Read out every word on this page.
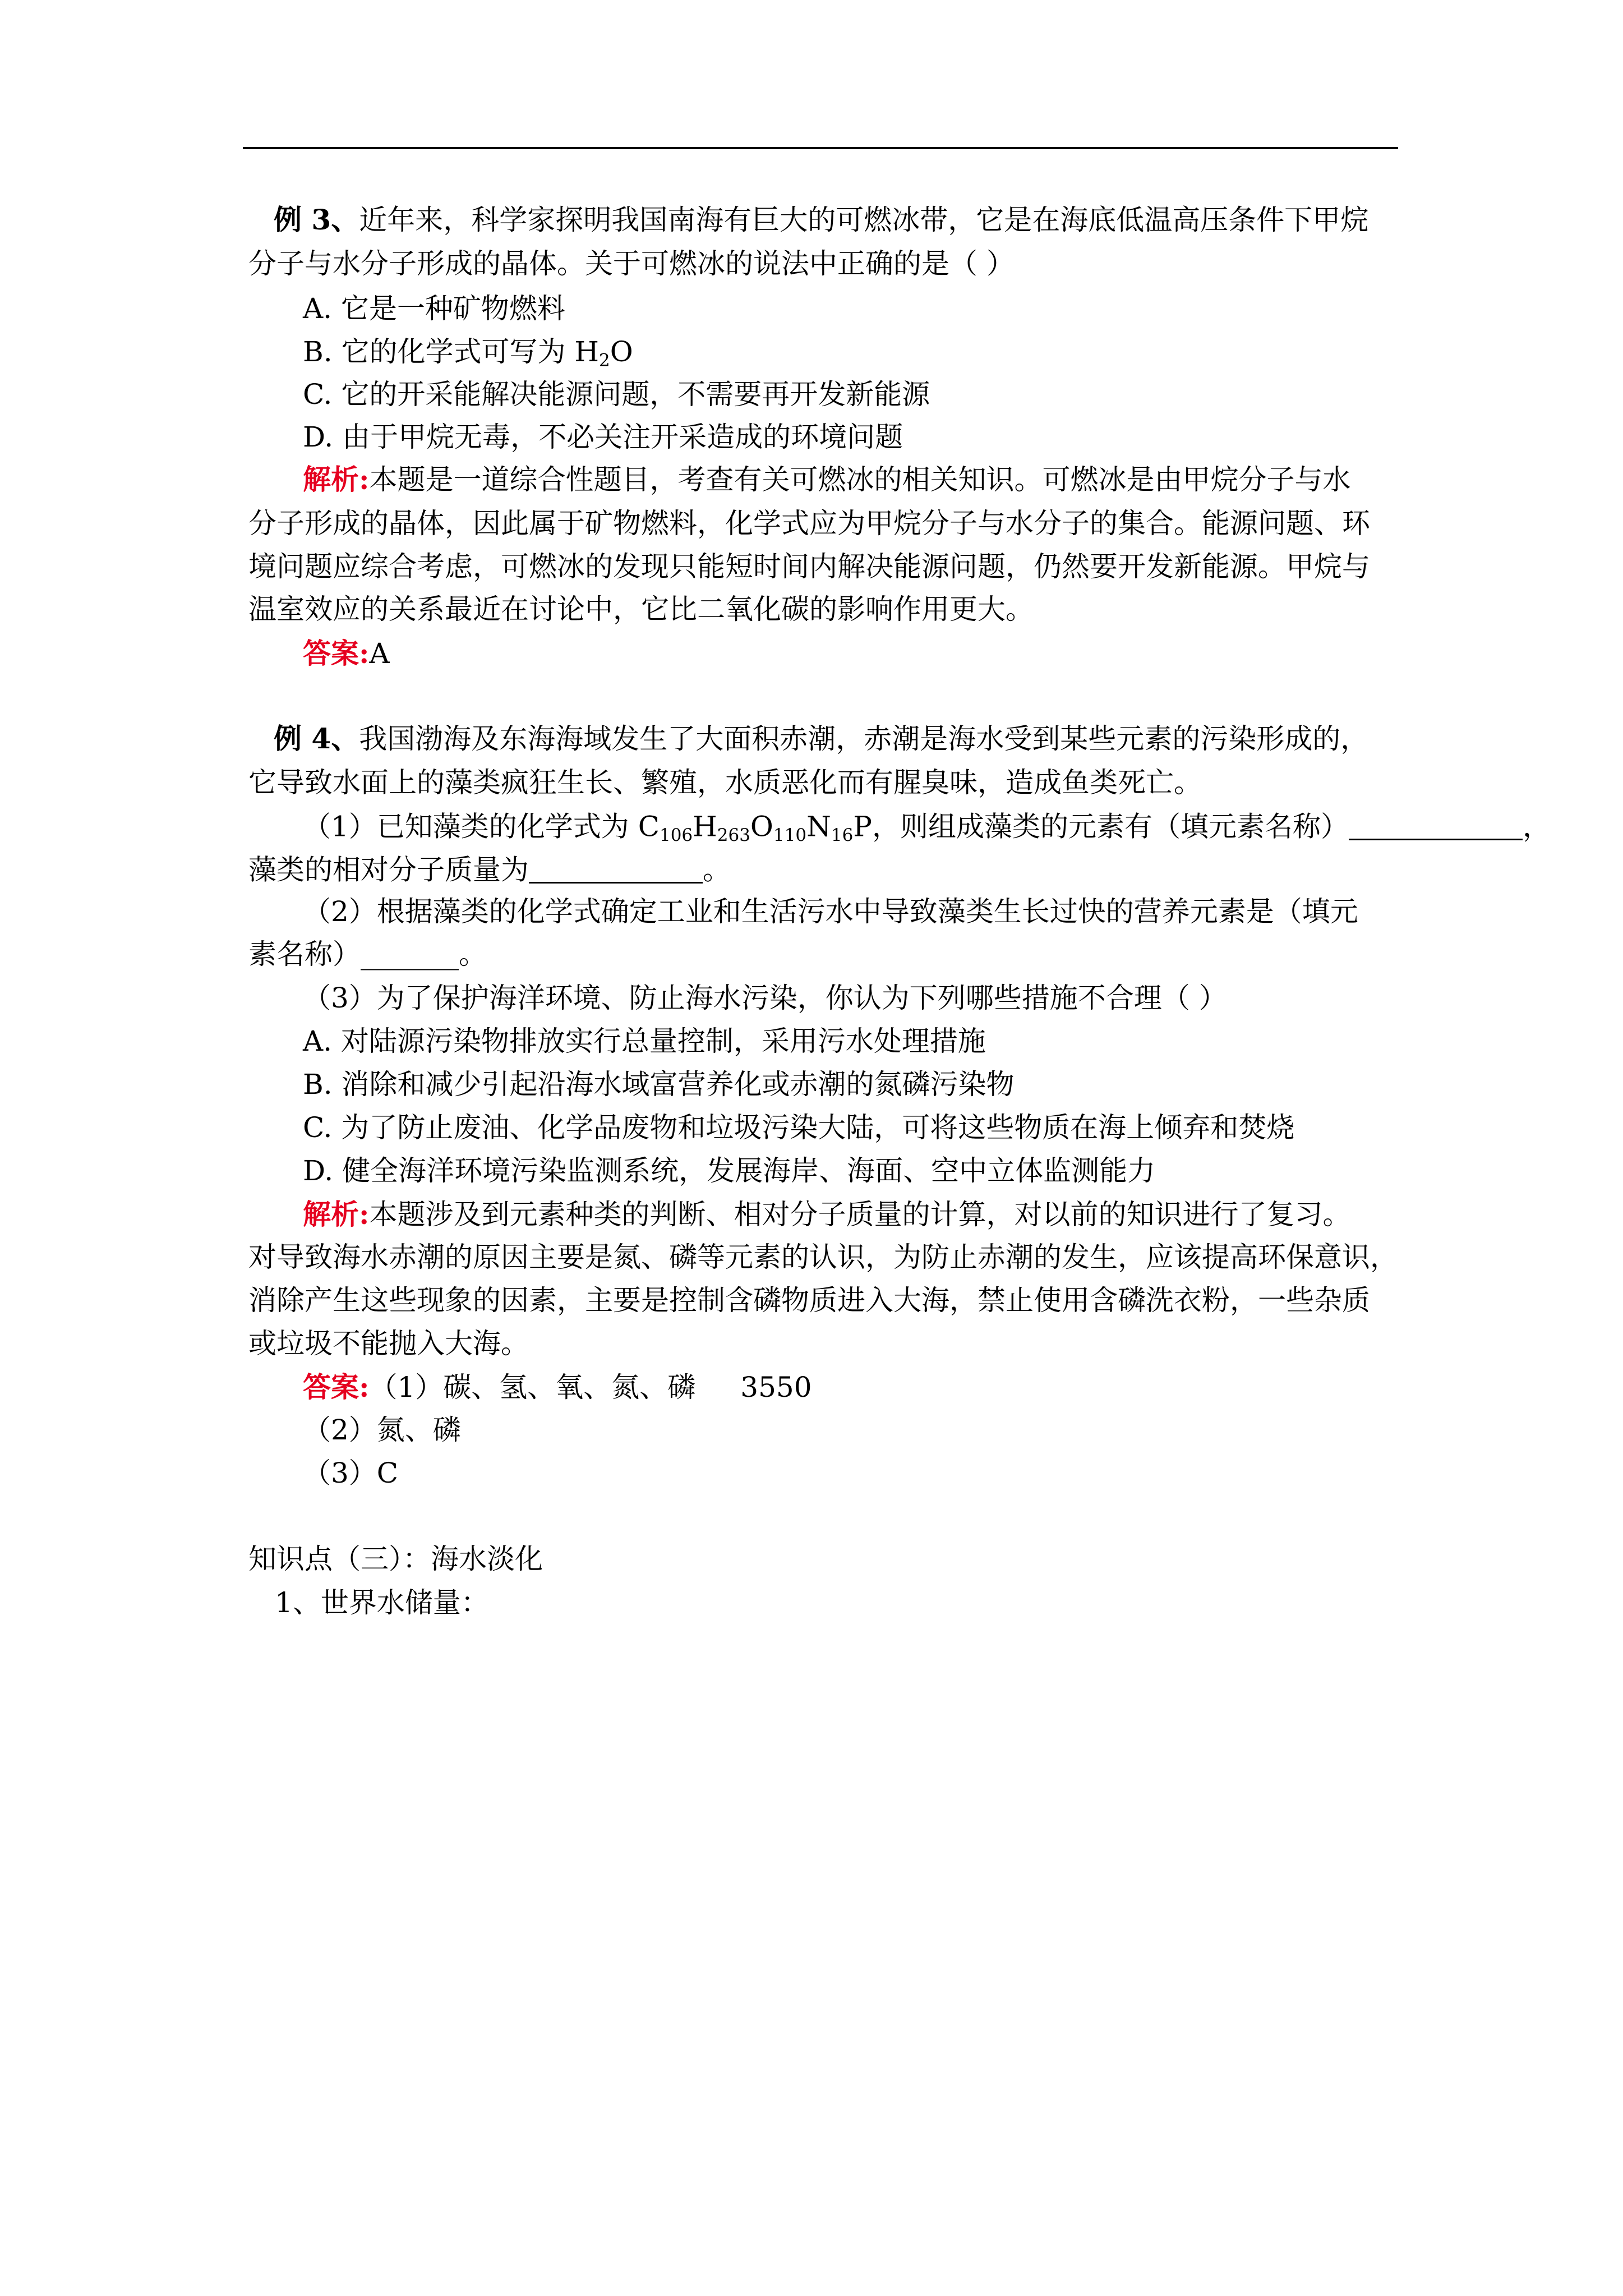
例 3、近年来，科学家探明我国南海有巨大的可燃冰带，它是在海底低温高压条件下甲烷
分子与水分子形成的晶体。关于可燃冰的说法中正确的是（ ）
A. 它是一种矿物燃料
B. 它的化学式可写为 $H_2O$
C. 它的开采能解决能源问题，不需要再开发新能源
D. 由于甲烷无毒，不必关注开采造成的环境问题
解析:本题是一道综合性题目，考查有关可燃冰的相关知识。可燃冰是由甲烷分子与水
分子形成的晶体，因此属于矿物燃料，化学式应为甲烷分子与水分子的集合。能源问题、环
境问题应综合考虑，可燃冰的发现只能短时间内解决能源问题，仍然要开发新能源。甲烷与
温室效应的关系最近在讨论中，它比二氧化碳的影响作用更大。
答案:A
例 4、我国渤海及东海海域发生了大面积赤潮，赤潮是海水受到某些元素的污染形成的，
它导致水面上的藻类疯狂生长、繁殖，水质恶化而有腥臭味，造成鱼类死亡。
（1）已知藻类的化学式为 $C_{106}H_{263}O_{110}N_{16}P$，则组成藻类的元素有（填元素名称）	，
藻类的相对分子质量为	。
（2）根据藻类的化学式确定工业和生活污水中导致藻类生长过快的营养元素是（填元
素名称）_______。
（3）为了保护海洋环境、防止海水污染，你认为下列哪些措施不合理（ ）
A. 对陆源污染物排放实行总量控制，采用污水处理措施
B. 消除和减少引起沿海水域富营养化或赤潮的氮磷污染物
C. 为了防止废油、化学品废物和垃圾污染大陆，可将这些物质在海上倾弃和焚烧
D. 健全海洋环境污染监测系统，发展海岸、海面、空中立体监测能力
解析:本题涉及到元素种类的判断、相对分子质量的计算，对以前的知识进行了复习。
对导致海水赤潮的原因主要是氮、磷等元素的认识，为防止赤潮的发生，应该提高环保意识，
消除产生这些现象的因素，主要是控制含磷物质进入大海，禁止使用含磷洗衣粉，一些杂质
或垃圾不能抛入大海。
答案:（1）碳、氢、氧、氮、磷 3550
（2）氮、磷
（3）C
知识点（三）：海水淡化
1、世界水储量：
